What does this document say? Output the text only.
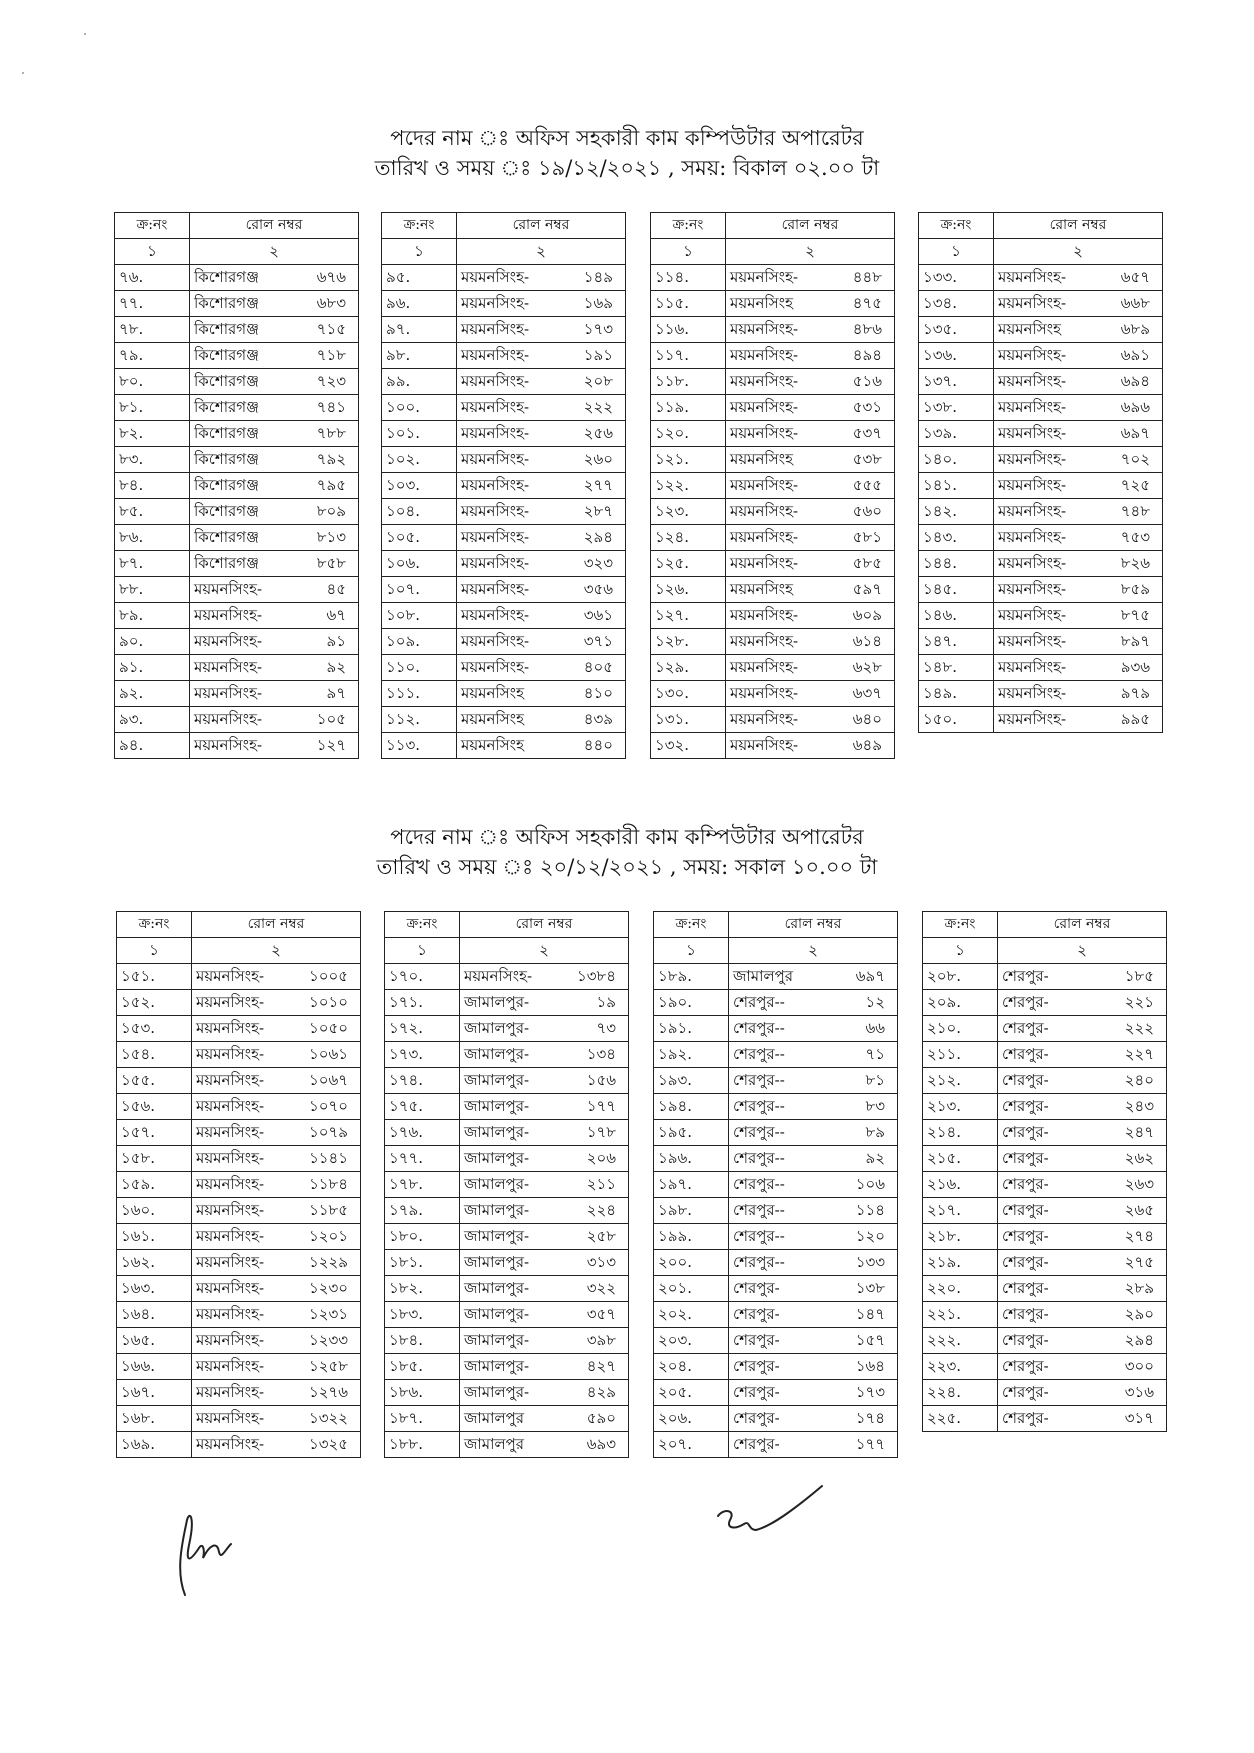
পদের নাম ঃ অফিস সহকারী কাম কম্পিউটার অপারেটর
তারিখ ও সময় ঃ ১৯/১২/২০২১ , সময়: বিকাল ০২.০০ টা
পদের নাম ঃ অফিস সহকারী কাম কম্পিউটার অপারেটর
তারিখ ও সময় ঃ ২০/১২/২০২১ , সময়: সকাল ১০.০০ টা
ক্র:নং	রোল নম্বর
১	২
৭৬.	কিশোরগঞ্জ ৬৭৬
৭৭.	কিশোরগঞ্জ ৬৮৩
৭৮.	কিশোরগঞ্জ ৭১৫
৭৯.	কিশোরগঞ্জ ৭১৮
৮০.	কিশোরগঞ্জ ৭২৩
৮১.	কিশোরগঞ্জ ৭৪১
৮২.	কিশোরগঞ্জ ৭৮৮
৮৩.	কিশোরগঞ্জ ৭৯২
৮৪.	কিশোরগঞ্জ ৭৯৫
৮৫.	কিশোরগঞ্জ ৮০৯
৮৬.	কিশোরগঞ্জ ৮১৩
৮৭.	কিশোরগঞ্জ ৮৫৮
৮৮.	ময়মনসিংহ- ৪৫
৮৯.	ময়মনসিংহ- ৬৭
৯০.	ময়মনসিংহ- ৯১
৯১.	ময়মনসিংহ- ৯২
৯২.	ময়মনসিংহ- ৯৭
৯৩.	ময়মনসিংহ- ১০৫
৯৪.	ময়মনসিংহ- ১২৭
ক্র:নং	রোল নম্বর
১	২
৯৫.	ময়মনসিংহ- ১৪৯
৯৬.	ময়মনসিংহ- ১৬৯
৯৭.	ময়মনসিংহ- ১৭৩
৯৮.	ময়মনসিংহ- ১৯১
৯৯.	ময়মনসিংহ- ২০৮
১০০.	ময়মনসিংহ- ২২২
১০১.	ময়মনসিংহ- ২৫৬
১০২.	ময়মনসিংহ- ২৬০
১০৩.	ময়মনসিংহ- ২৭৭
১০৪.	ময়মনসিংহ- ২৮৭
১০৫.	ময়মনসিংহ- ২৯৪
১০৬.	ময়মনসিংহ- ৩২৩
১০৭.	ময়মনসিংহ- ৩৫৬
১০৮.	ময়মনসিংহ- ৩৬১
১০৯.	ময়মনসিংহ- ৩৭১
১১০.	ময়মনসিংহ- ৪০৫
১১১.	ময়মনসিংহ ৪১০
১১২.	ময়মনসিংহ ৪৩৯
১১৩.	ময়মনসিংহ ৪৪০
ক্র:নং	রোল নম্বর
১	২
১১৪.	ময়মনসিংহ- ৪৪৮
১১৫.	ময়মনসিংহ ৪৭৫
১১৬.	ময়মনসিংহ- ৪৮৬
১১৭.	ময়মনসিংহ- ৪৯৪
১১৮.	ময়মনসিংহ- ৫১৬
১১৯.	ময়মনসিংহ- ৫৩১
১২০.	ময়মনসিংহ- ৫৩৭
১২১.	ময়মনসিংহ ৫৩৮
১২২.	ময়মনসিংহ- ৫৫৫
১২৩.	ময়মনসিংহ- ৫৬০
১২৪.	ময়মনসিংহ- ৫৮১
১২৫.	ময়মনসিংহ- ৫৮৫
১২৬.	ময়মনসিংহ ৫৯৭
১২৭.	ময়মনসিংহ- ৬০৯
১২৮.	ময়মনসিংহ- ৬১৪
১২৯.	ময়মনসিংহ- ৬২৮
১৩০.	ময়মনসিংহ- ৬৩৭
১৩১.	ময়মনসিংহ- ৬৪০
১৩২.	ময়মনসিংহ- ৬৪৯
ক্র:নং	রোল নম্বর
১	২
১৩৩.	ময়মনসিংহ- ৬৫৭
১৩৪.	ময়মনসিংহ- ৬৬৮
১৩৫.	ময়মনসিংহ ৬৮৯
১৩৬.	ময়মনসিংহ- ৬৯১
১৩৭.	ময়মনসিংহ- ৬৯৪
১৩৮.	ময়মনসিংহ- ৬৯৬
১৩৯.	ময়মনসিংহ- ৬৯৭
১৪০.	ময়মনসিংহ- ৭০২
১৪১.	ময়মনসিংহ- ৭২৫
১৪২.	ময়মনসিংহ- ৭৪৮
১৪৩.	ময়মনসিংহ- ৭৫৩
১৪৪.	ময়মনসিংহ- ৮২৬
১৪৫.	ময়মনসিংহ- ৮৫৯
১৪৬.	ময়মনসিংহ- ৮৭৫
১৪৭.	ময়মনসিংহ- ৮৯৭
১৪৮.	ময়মনসিংহ- ৯৩৬
১৪৯.	ময়মনসিংহ- ৯৭৯
১৫০.	ময়মনসিংহ- ৯৯৫
ক্র:নং	রোল নম্বর
১	২
১৫১.	ময়মনসিংহ- ১০০৫
১৫২.	ময়মনসিংহ- ১০১০
১৫৩.	ময়মনসিংহ- ১০৫০
১৫৪.	ময়মনসিংহ- ১০৬১
১৫৫.	ময়মনসিংহ- ১০৬৭
১৫৬.	ময়মনসিংহ- ১০৭০
১৫৭.	ময়মনসিংহ- ১০৭৯
১৫৮.	ময়মনসিংহ- ১১৪১
১৫৯.	ময়মনসিংহ- ১১৮৪
১৬০.	ময়মনসিংহ- ১১৮৫
১৬১.	ময়মনসিংহ- ১২০১
১৬২.	ময়মনসিংহ- ১২২৯
১৬৩.	ময়মনসিংহ- ১২৩০
১৬৪.	ময়মনসিংহ- ১২৩১
১৬৫.	ময়মনসিংহ- ১২৩৩
১৬৬.	ময়মনসিংহ- ১২৫৮
১৬৭.	ময়মনসিংহ- ১২৭৬
১৬৮.	ময়মনসিংহ- ১৩২২
১৬৯.	ময়মনসিংহ- ১৩২৫
ক্র:নং	রোল নম্বর
১	২
১৭০.	ময়মনসিংহ- ১৩৮৪
১৭১.	জামালপুর- ১৯
১৭২.	জামালপুর- ৭৩
১৭৩.	জামালপুর- ১৩৪
১৭৪.	জামালপুর- ১৫৬
১৭৫.	জামালপুর- ১৭৭
১৭৬.	জামালপুর- ১৭৮
১৭৭.	জামালপুর- ২০৬
১৭৮.	জামালপুর- ২১১
১৭৯.	জামালপুর- ২২৪
১৮০.	জামালপুর- ২৫৮
১৮১.	জামালপুর- ৩১৩
১৮২.	জামালপুর- ৩২২
১৮৩.	জামালপুর- ৩৫৭
১৮৪.	জামালপুর- ৩৯৮
১৮৫.	জামালপুর- ৪২৭
১৮৬.	জামালপুর- ৪২৯
১৮৭.	জামালপুর ৫৯০
১৮৮.	জামালপুর ৬৯৩
ক্র:নং	রোল নম্বর
১	২
১৮৯.	জামালপুর ৬৯৭
১৯০.	শেরপুর-- ১২
১৯১.	শেরপুর-- ৬৬
১৯২.	শেরপুর-- ৭১
১৯৩.	শেরপুর-- ৮১
১৯৪.	শেরপুর-- ৮৩
১৯৫.	শেরপুর-- ৮৯
১৯৬.	শেরপুর-- ৯২
১৯৭.	শেরপুর-- ১০৬
১৯৮.	শেরপুর-- ১১৪
১৯৯.	শেরপুর-- ১২০
২০০.	শেরপুর-- ১৩৩
২০১.	শেরপুর- ১৩৮
২০২.	শেরপুর- ১৪৭
২০৩.	শেরপুর- ১৫৭
২০৪.	শেরপুর- ১৬৪
২০৫.	শেরপুর- ১৭৩
২০৬.	শেরপুর- ১৭৪
২০৭.	শেরপুর- ১৭৭
ক্র:নং	রোল নম্বর
১	২
২০৮.	শেরপুর- ১৮৫
২০৯.	শেরপুর- ২২১
২১০.	শেরপুর- ২২২
২১১.	শেরপুর- ২২৭
২১২.	শেরপুর- ২৪০
২১৩.	শেরপুর- ২৪৩
২১৪.	শেরপুর- ২৪৭
২১৫.	শেরপুর- ২৬২
২১৬.	শেরপুর- ২৬৩
২১৭.	শেরপুর- ২৬৫
২১৮.	শেরপুর- ২৭৪
২১৯.	শেরপুর- ২৭৫
২২০.	শেরপুর- ২৮৯
২২১.	শেরপুর- ২৯০
২২২.	শেরপুর- ২৯৪
২২৩.	শেরপুর- ৩০০
২২৪.	শেরপুর- ৩১৬
২২৫.	শেরপুর- ৩১৭
